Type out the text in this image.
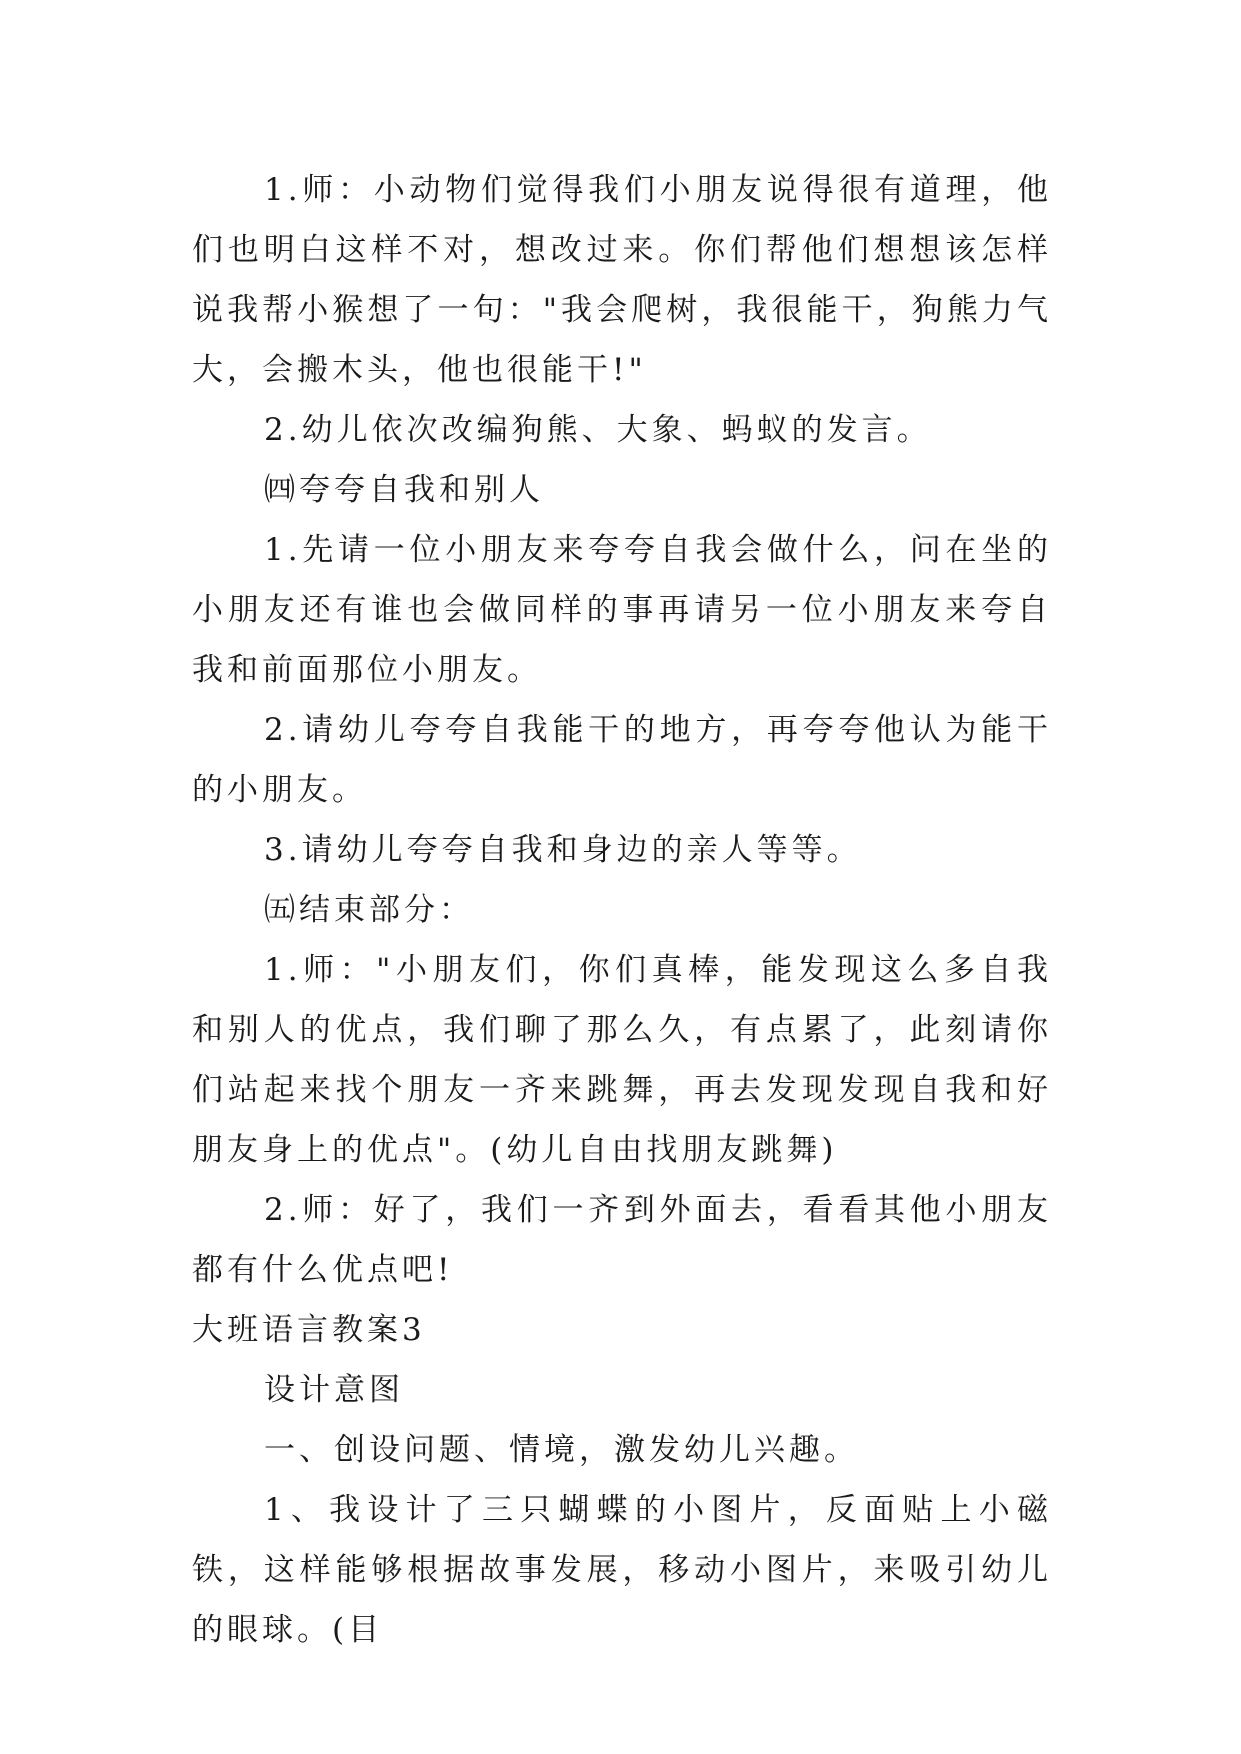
1.师：小动物们觉得我们小朋友说得很有道理，他们也明白这样不对，想改过来。你们帮他们想想该怎样说我帮小猴想了一句："我会爬树，我很能干，狗熊力气大，会搬木头，他也很能干!"

2.幼儿依次改编狗熊、大象、蚂蚁的发言。

㈣夸夸自我和别人

1.先请一位小朋友来夸夸自我会做什么，问在坐的小朋友还有谁也会做同样的事再请另一位小朋友来夸自我和前面那位小朋友。

2.请幼儿夸夸自我能干的地方，再夸夸他认为能干的小朋友。

3.请幼儿夸夸自我和身边的亲人等等。

㈤结束部分：

1.师："小朋友们，你们真棒，能发现这么多自我和别人的优点，我们聊了那么久，有点累了，此刻请你们站起来找个朋友一齐来跳舞，再去发现发现自我和好朋友身上的优点"。(幼儿自由找朋友跳舞)

2.师：好了，我们一齐到外面去，看看其他小朋友都有什么优点吧!

大班语言教案3

设计意图

一、创设问题、情境，激发幼儿兴趣。

1、我设计了三只蝴蝶的小图片，反面贴上小磁铁，这样能够根据故事发展，移动小图片，来吸引幼儿的眼球。(目
